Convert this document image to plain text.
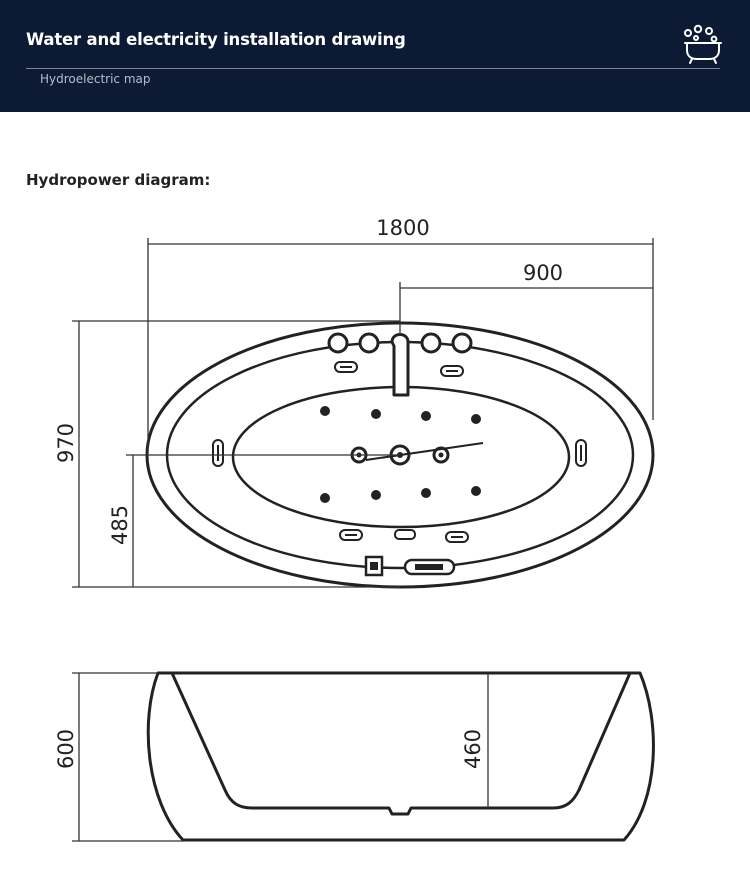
Water and electricity installation drawing
Hydroelectric map
Hydropower diagram:
1800
900
970
485
600	460
